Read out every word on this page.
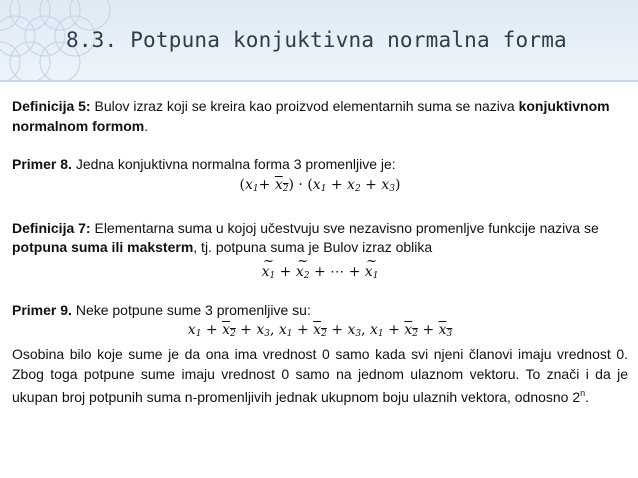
8.3. Potpuna konjuktivna normalna forma

Definicija 5: Bulov izraz koji se kreira kao proizvod elementarnih suma se naziva konjuktivnom normalnom formom.

Primer 8. Jedna konjuktivna normalna forma 3 promenljive je:

$(x_1+ x_2) \cdot (x_1 + x_2 + x_3)$

Definicija 7: Elementarna suma u kojoj učestvuju sve nezavisno promenljve funkcije naziva se potpuna suma ili maksterm, tj. potpuna suma je Bulov izraz oblika

~ $x_1$ + ~ $x_2$ + ⋯ + ~ $x_1$

Primer 9. Neke potpune sume 3 promenljive su:

$x_1 + x_2 + x_3$, $x_1 + x_2 + x_3$, $x_1 + x_2 + x_3$

Osobina bilo koje sume je da ona ima vrednost 0 samo kada svi njeni članovi imaju vrednost 0. Zbog toga potpune sume imaju vrednost 0 samo na jednom ulaznom vektoru. To znači i da je ukupan broj potpunih suma n-promenljivih jednak ukupnom boju ulaznih vektora, odnosno 2$^n$.
